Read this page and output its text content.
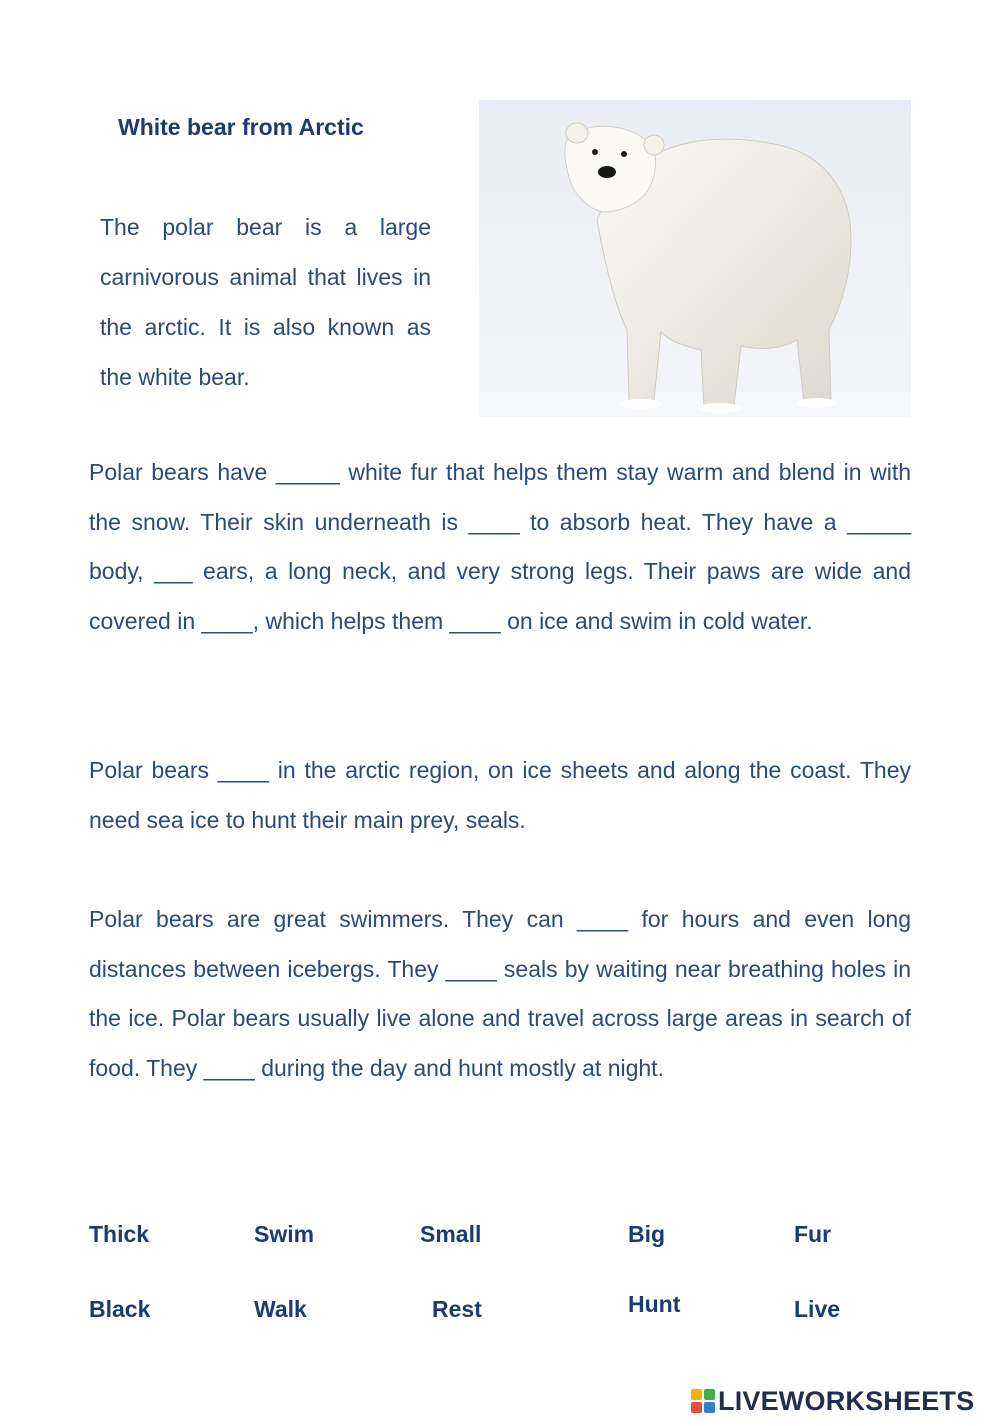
White bear from Arctic

The polar bear is a large carnivorous animal that lives in the arctic. It is also known as the white bear.

Polar bears have _____ white fur that helps them stay warm and blend in with the snow. Their skin underneath is ____ to absorb heat. They have a _____ body, ___ ears, a long neck, and very strong legs. Their paws are wide and covered in ____, which helps them ____ on ice and swim in cold water.

Polar bears ____ in the arctic region, on ice sheets and along the coast. They need sea ice to hunt their main prey, seals.

Polar bears are great swimmers. They can ____ for hours and even long distances between icebergs. They ____ seals by waiting near breathing holes in the ice. Polar bears usually live alone and travel across large areas in search of food. They ____ during the day and hunt mostly at night.

Thick	Swim	Small	Big	Fur
Black	Walk	Rest	Hunt	Live
LIVEWORKSHEETS
